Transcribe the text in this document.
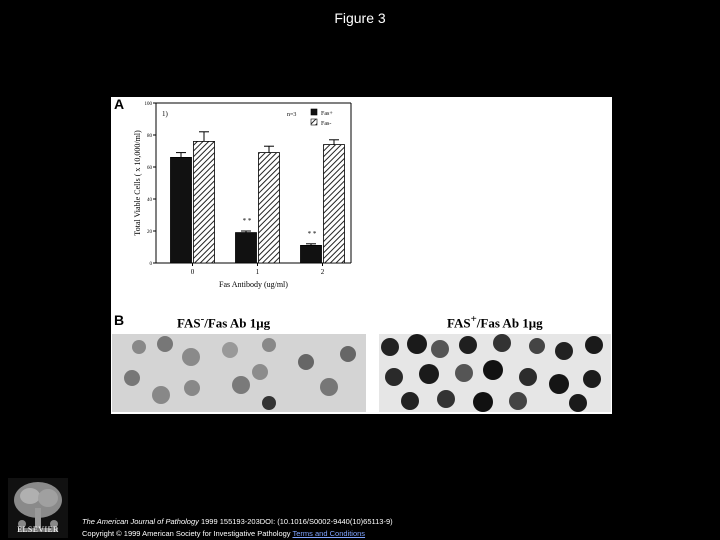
Figure 3
A
0
20
40
60
80
100
0	1
* *
2
* *
Total Viable Cells ( x 10,000/ml)
Fas Antibody (ug/ml)
1)	n=3	Fas+
Fas-
B	FAS-/Fas Ab 1μg	FAS+/Fas Ab 1μg
ELSEVIER
The American Journal of Pathology 1999 155193-203DOI: (10.1016/S0002-9440(10)65113-9)
Copyright © 1999 American Society for Investigative Pathology Terms and Conditions
